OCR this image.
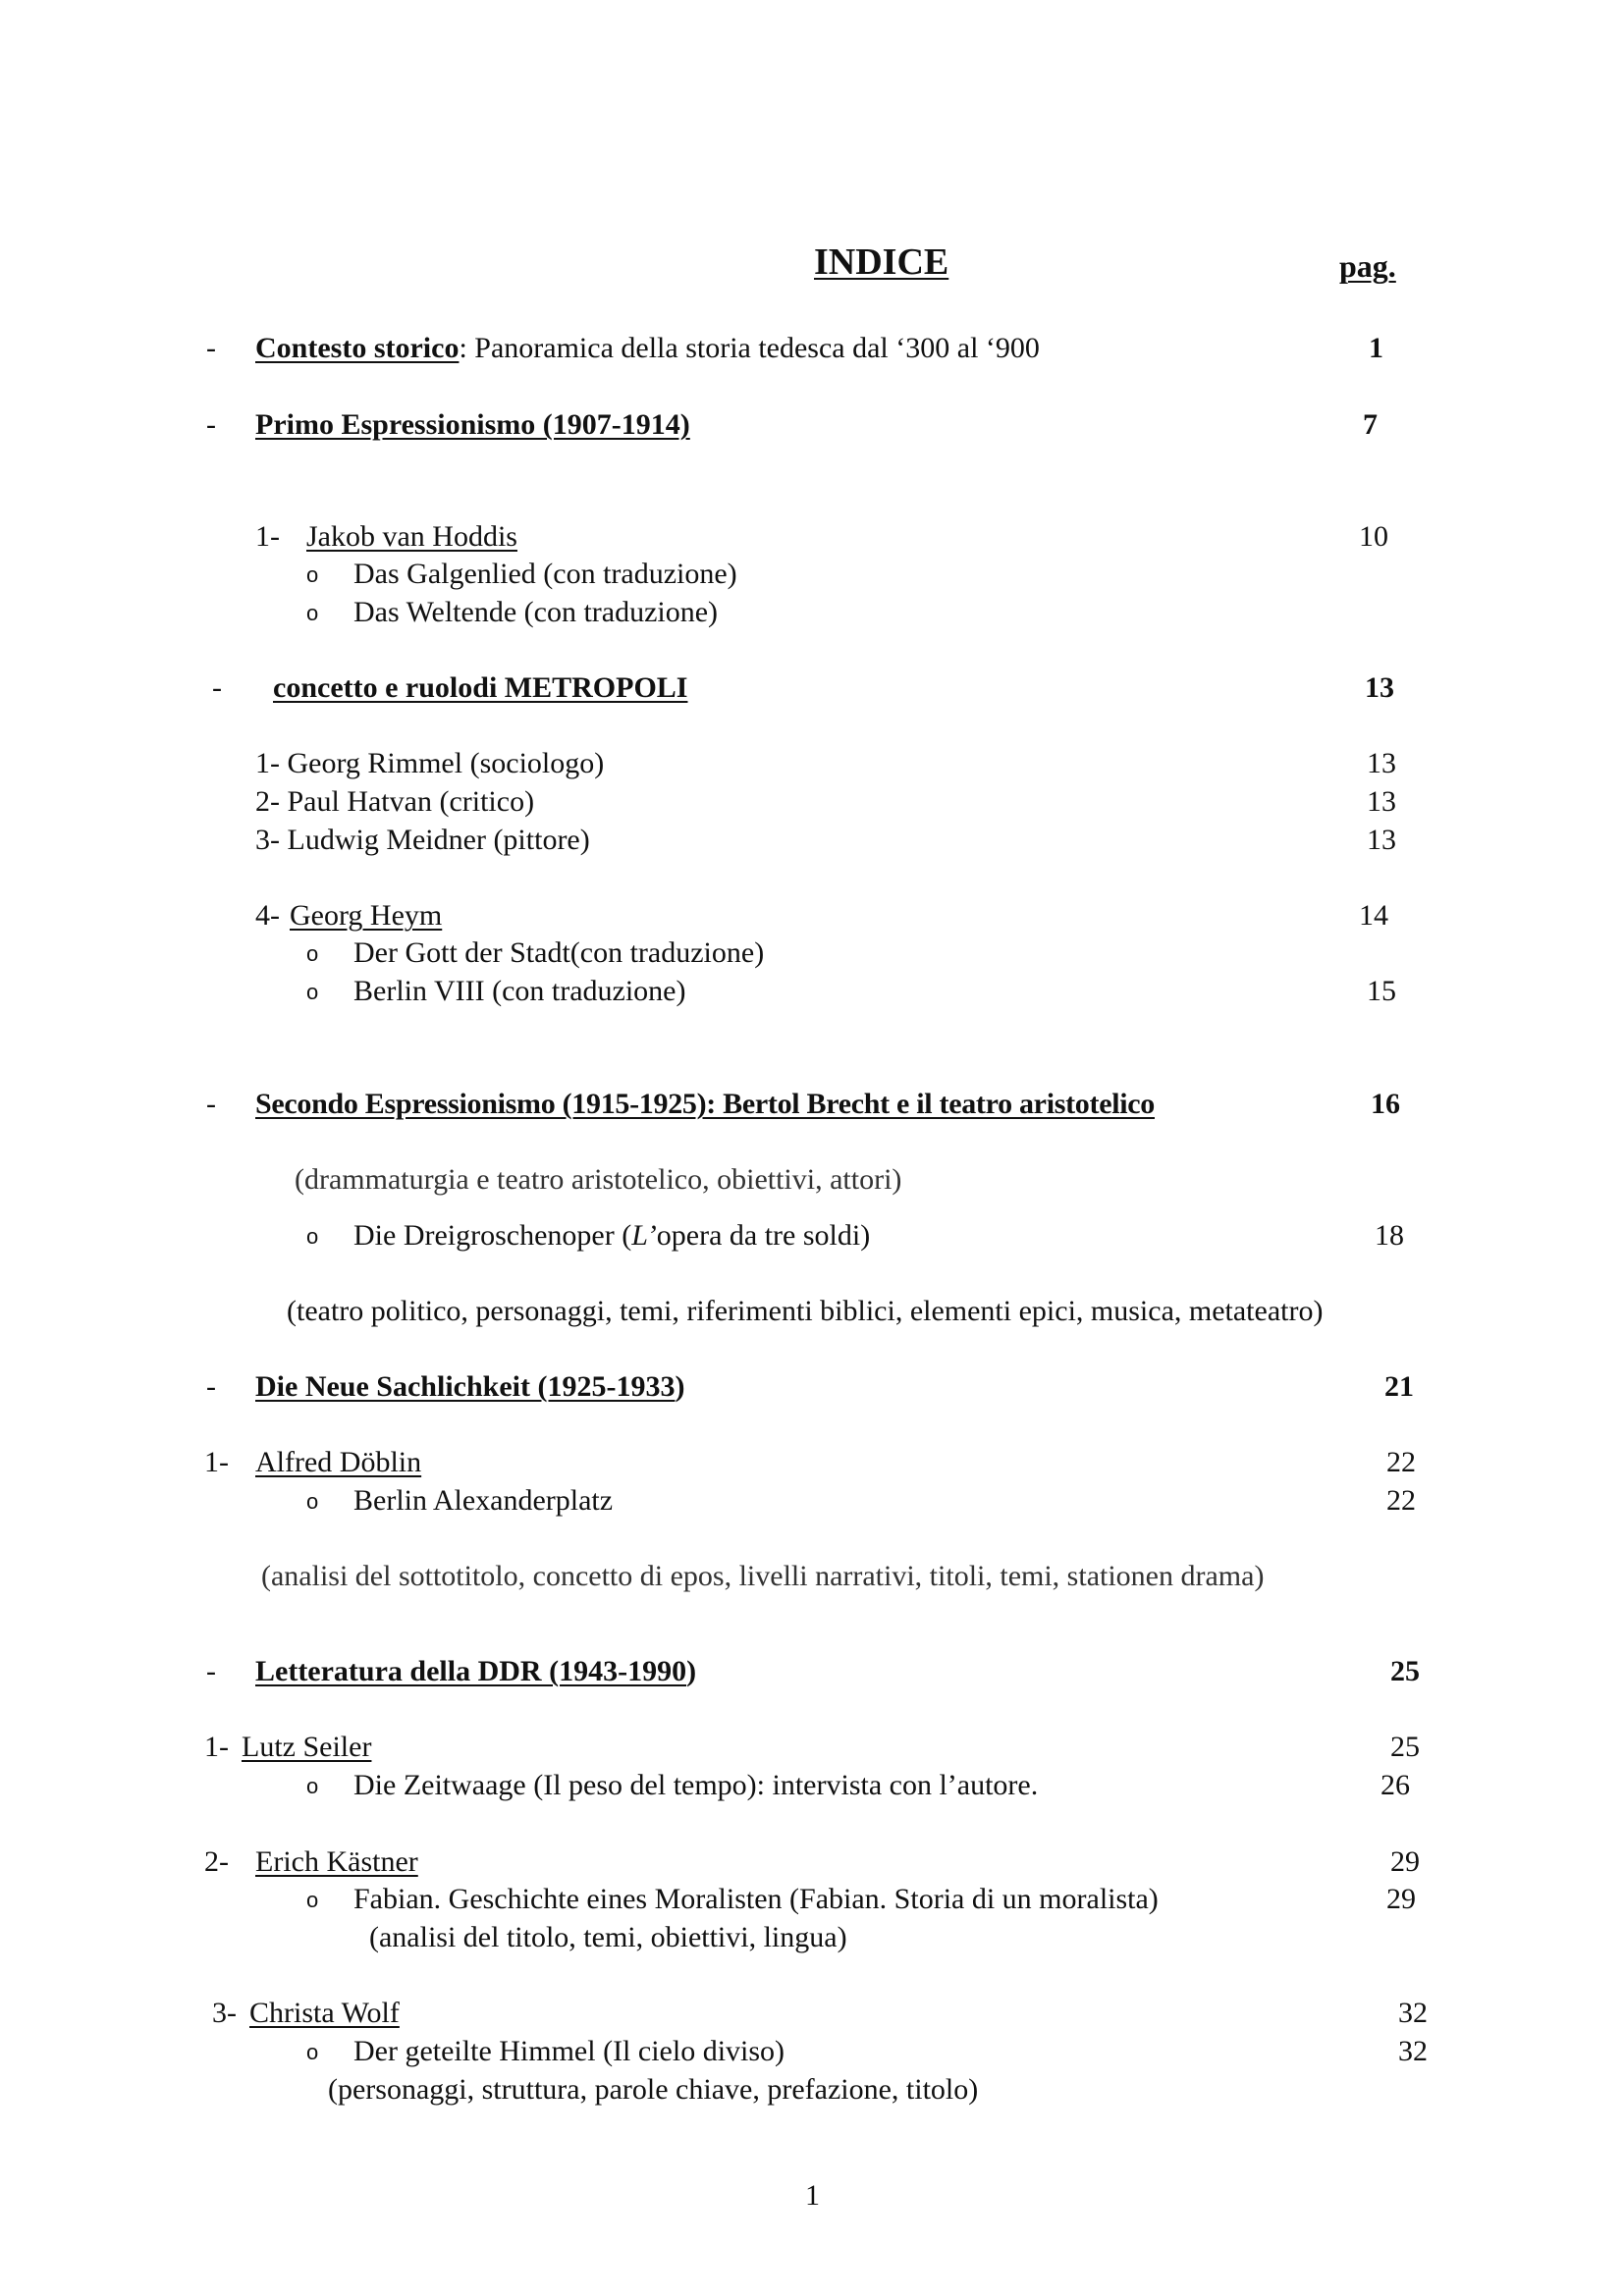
INDICE	pag.
- Contesto storico: Panoramica della storia tedesca dal ‘300 al ‘900	1
- Primo Espressionismo (1907-1914)	7
1- Jakob van Hoddis	10
o Das Galgenlied (con traduzione)
o Das Weltende (con traduzione)
- concetto e ruolodi METROPOLI	13
1- Georg Rimmel (sociologo)	13
2- Paul Hatvan (critico)	13
3- Ludwig Meidner (pittore)	13
4- Georg Heym	14
o Der Gott der Stadt(con traduzione)
o Berlin VIII (con traduzione)	15
- Secondo Espressionismo (1915-1925): Bertol Brecht e il teatro aristotelico	16
(drammaturgia e teatro aristotelico, obiettivi, attori)
o Die Dreigroschenoper (L’opera da tre soldi)	18
(teatro politico, personaggi, temi, riferimenti biblici, elementi epici, musica, metateatro)
- Die Neue Sachlichkeit (1925-1933)	21
1- Alfred Döblin	22
o Berlin Alexanderplatz	22
(analisi del sottotitolo, concetto di epos, livelli narrativi, titoli, temi, stationen drama)
- Letteratura della DDR (1943-1990)	25
1- Lutz Seiler	25
o Die Zeitwaage (Il peso del tempo): intervista con l’autore.	26
2- Erich Kästner	29
o Fabian. Geschichte eines Moralisten (Fabian. Storia di un moralista)	29
(analisi del titolo, temi, obiettivi, lingua)
3- Christa Wolf	32
o Der geteilte Himmel (Il cielo diviso)	32
(personaggi, struttura, parole chiave, prefazione, titolo)
1
